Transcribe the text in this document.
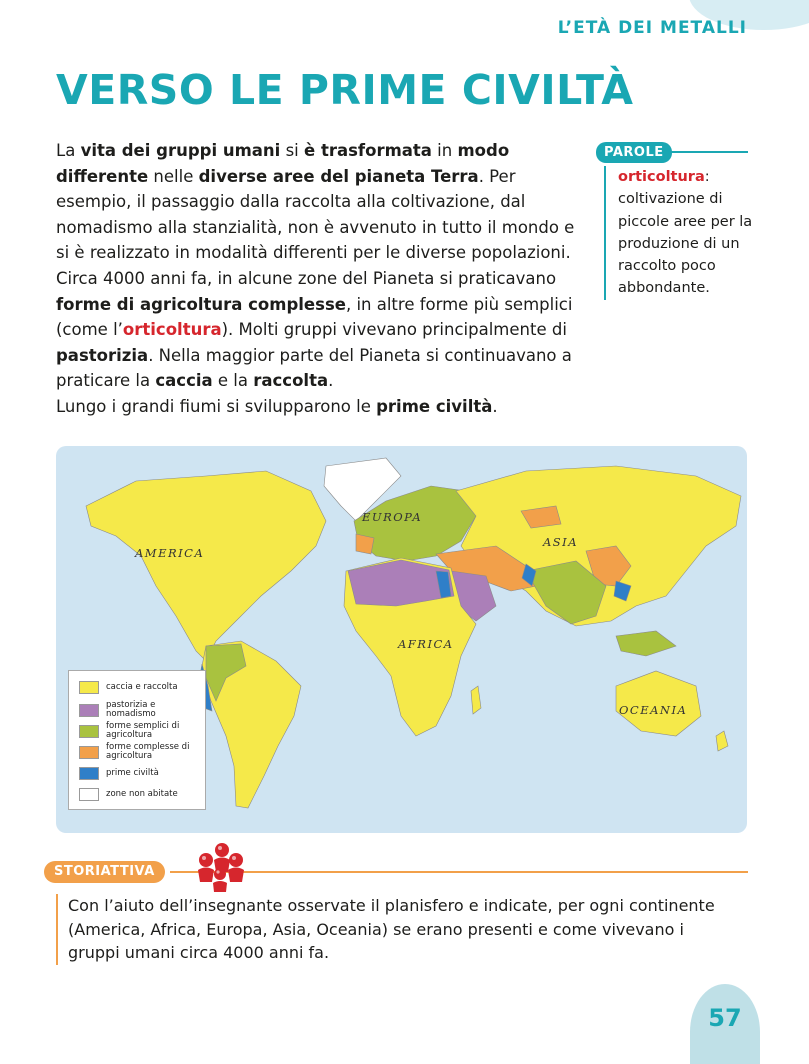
L’ETÀ DEI METALLI
VERSO LE PRIME CIVILTÀ

La vita dei gruppi umani si è trasformata in modo differente nelle diverse aree del pianeta Terra. Per esempio, il passaggio dalla raccolta alla coltivazione, dal nomadismo alla stanzialità, non è avvenuto in tutto il mondo e si è realizzato in modalità differenti per le diverse popolazioni. Circa 4000 anni fa, in alcune zone del Pianeta si praticavano forme di agricoltura complesse, in altre forme più semplici (come l’orticoltura). Molti gruppi vivevano principalmente di pastorizia. Nella maggior parte del Pianeta si continuavano a praticare la caccia e la raccolta.
Lungo i grandi fiumi si svilupparono le prime civiltà.

PAROLE
orticoltura:
coltivazione di piccole aree per la produzione di un raccolto poco abbondante.
AMERICA
EUROPA
ASIA
AFRICA
OCEANIA
caccia e raccolta
pastorizia e nomadismo
forme semplici di agricoltura
forme complesse di agricoltura
prime civiltà
zone non abitate
STORIATTIVA

Con l’aiuto dell’insegnante osservate il planisfero e indicate, per ogni continente (America, Africa, Europa, Asia, Oceania) se erano presenti e come vivevano i gruppi umani circa 4000 anni fa.

57
